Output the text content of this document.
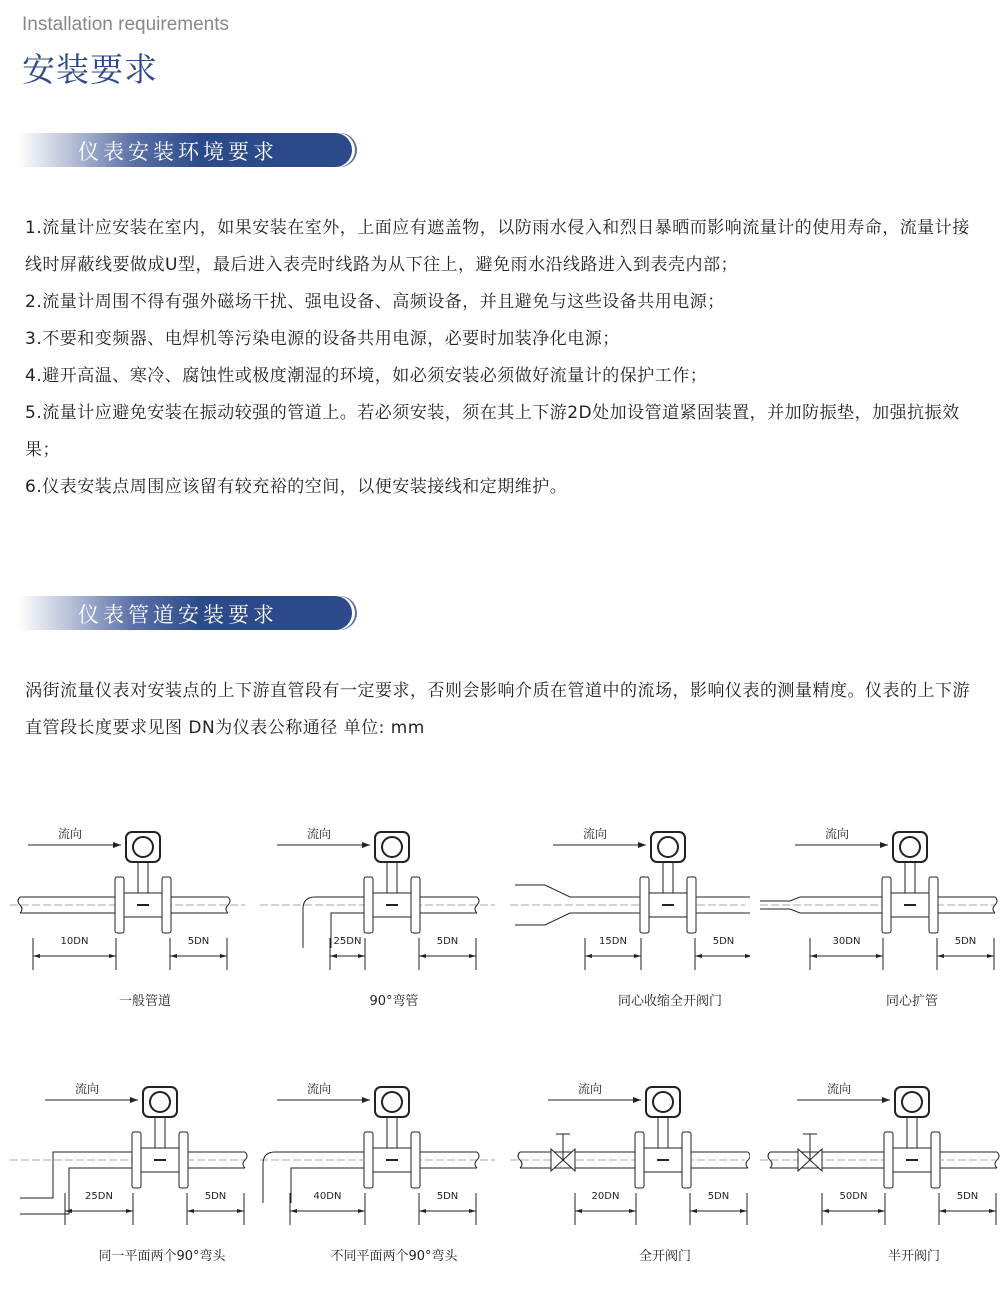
Installation requirements
安装要求
仪表安装环境要求

1.流量计应安装在室内，如果安装在室外，上面应有遮盖物，以防雨水侵入和烈日暴晒而影响流量计的使用寿命，流量计接线时屏蔽线要做成U型，最后进入表壳时线路为从下往上，避免雨水沿线路进入到表壳内部；

2.流量计周围不得有强外磁场干扰、强电设备、高频设备，并且避免与这些设备共用电源；

3.不要和变频器、电焊机等污染电源的设备共用电源，必要时加装净化电源；

4.避开高温、寒冷、腐蚀性或极度潮湿的环境，如必须安装必须做好流量计的保护工作；

5.流量计应避免安装在振动较强的管道上。若必须安装，须在其上下游2D处加设管道紧固装置，并加防振垫，加强抗振效果；

6.仪表安装点周围应该留有较充裕的空间，以便安装接线和定期维护。

仪表管道安装要求
涡街流量仪表对安装点的上下游直管段有一定要求，否则会影响介质在管道中的流场，影响仪表的测量精度。仪表的上下游直管段长度要求见图 DN为仪表公称通径 单位: mm
流向
10DN	5DN
一般管道
流向
25DN	5DN
90°弯管
流向
15DN	5DN
同心收缩全开阀门
流向
30DN	5DN
同心扩管
流向
25DN	5DN
同一平面两个90°弯头
流向
40DN	5DN
不同平面两个90°弯头
流向
20DN	5DN
全开阀门
流向
50DN	5DN
半开阀门
